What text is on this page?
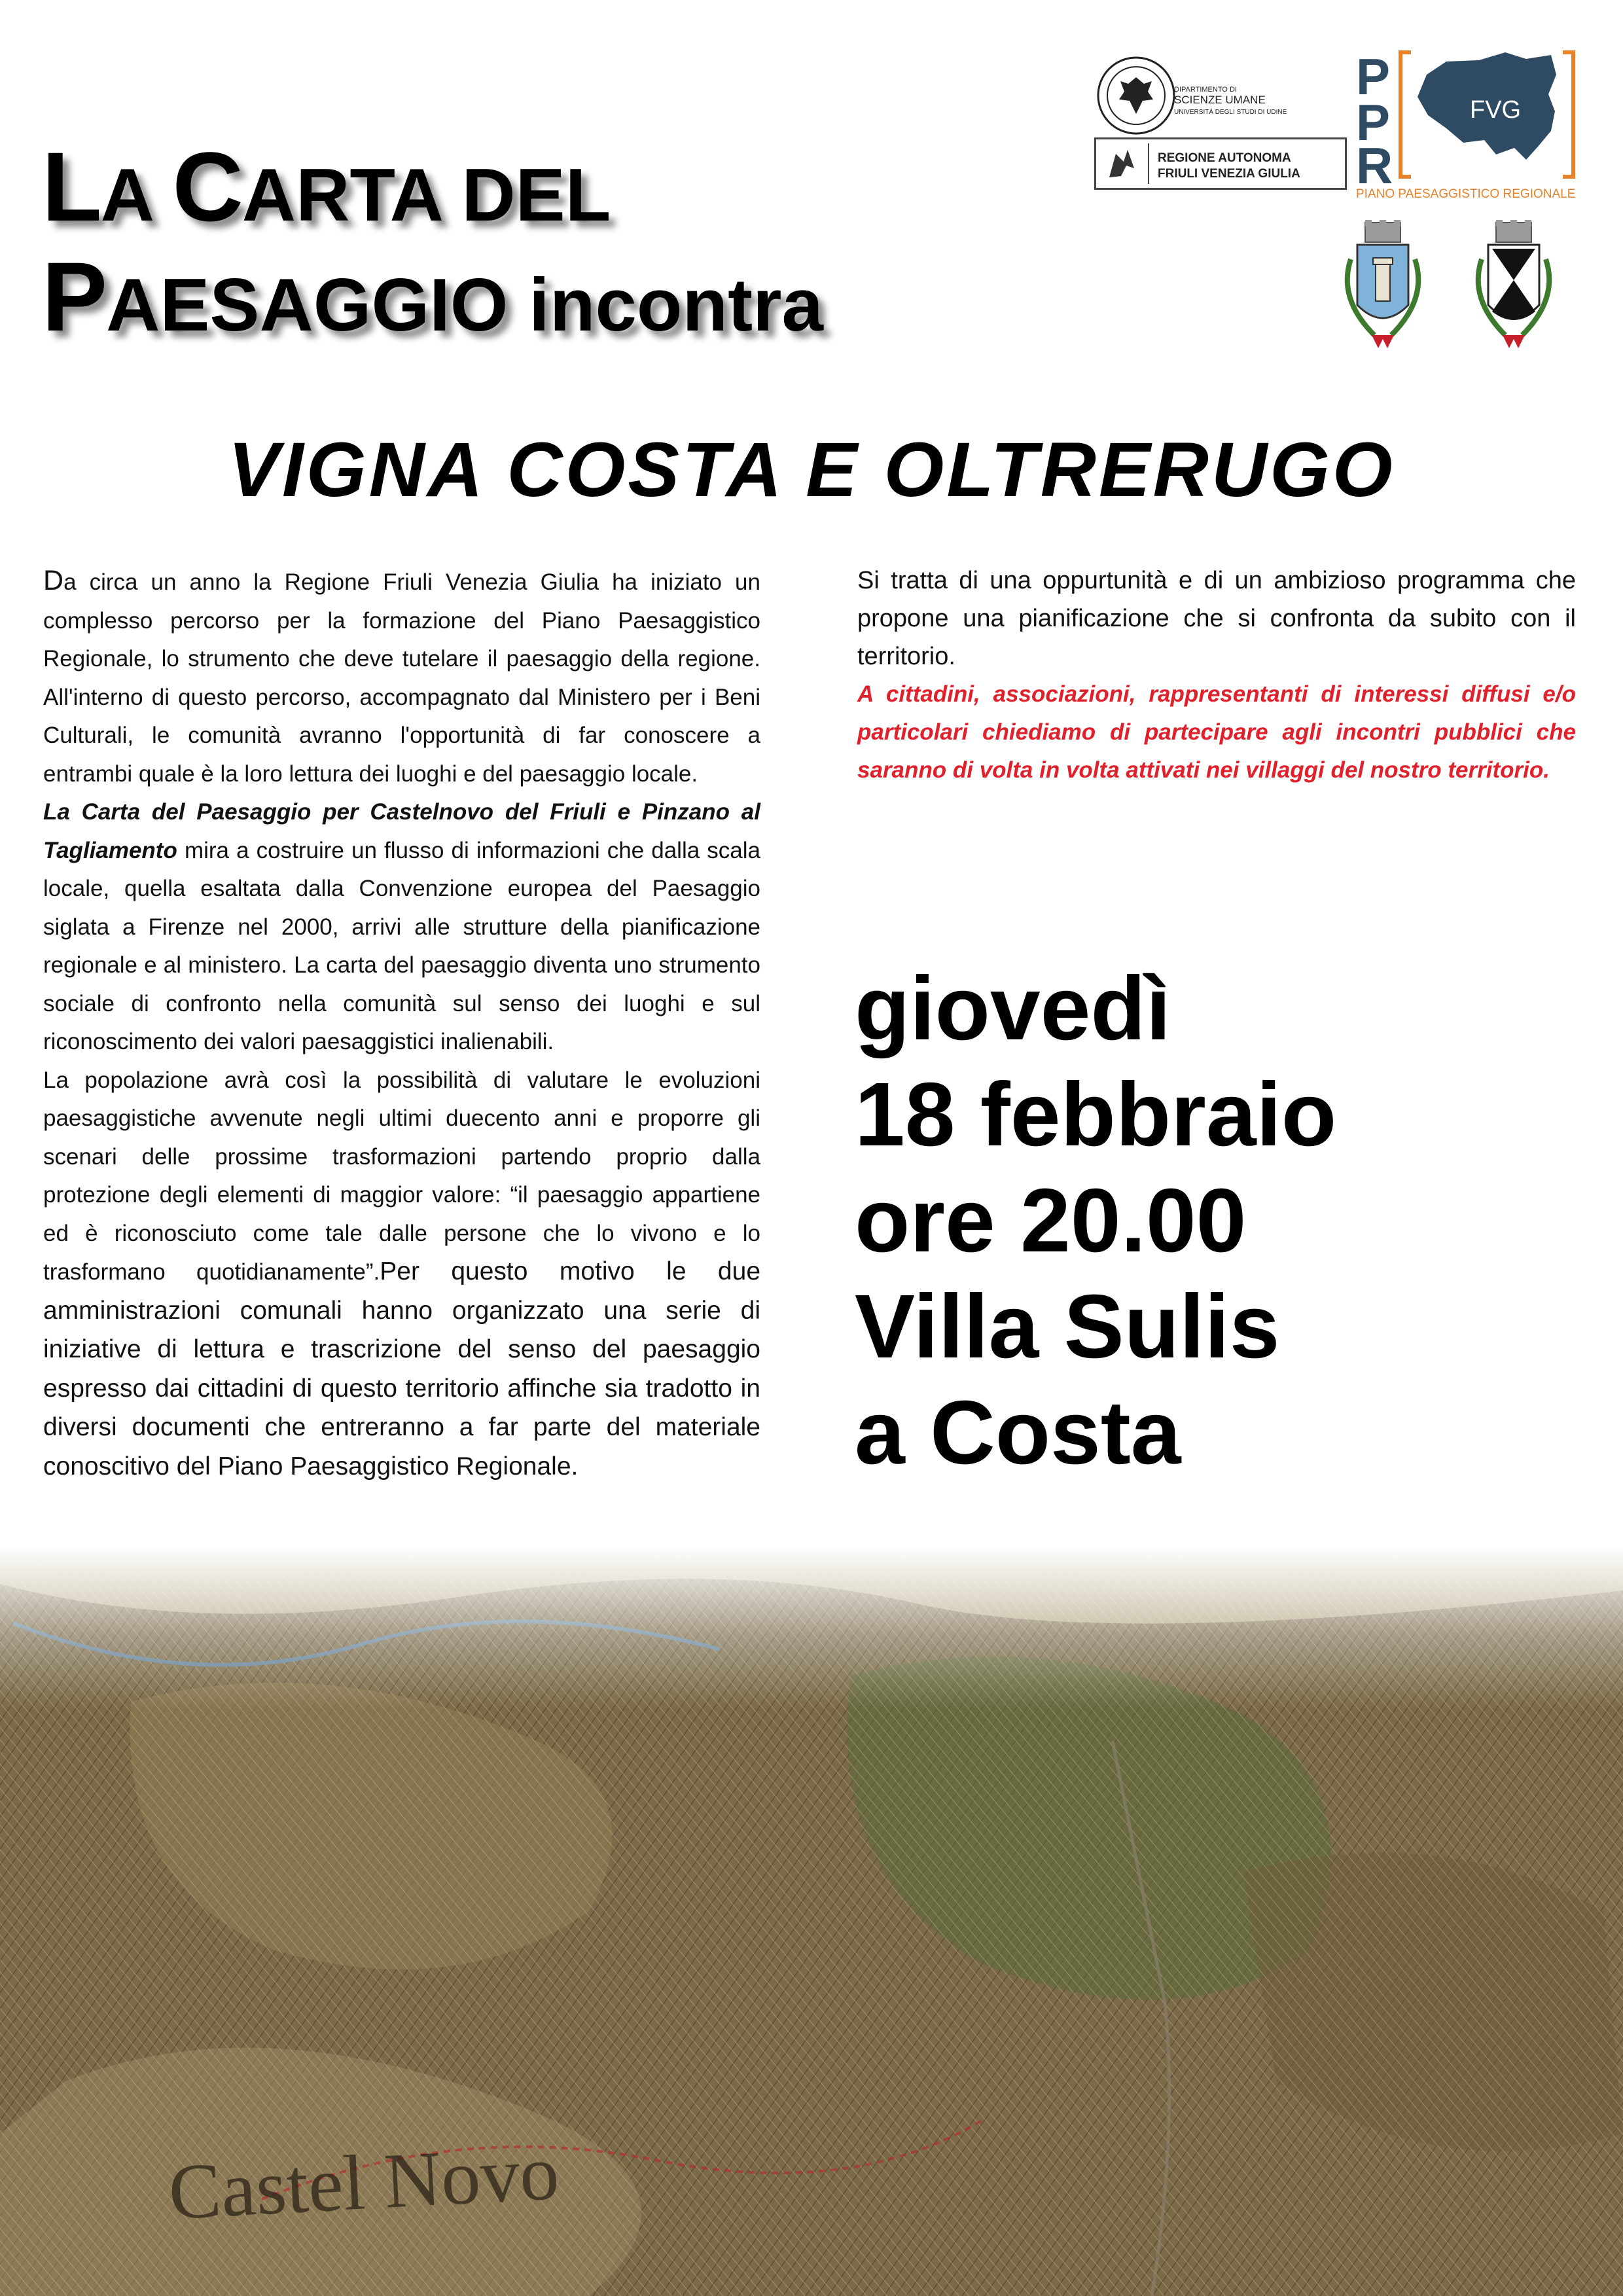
LA CARTA DEL
PAESAGGIO incontra
VIGNA COSTA E OLTRERUGO

Da circa un anno la Regione Friuli Venezia Giulia ha iniziato un complesso percorso per la formazione del Piano Paesaggistico Regionale, lo strumento che deve tutelare il paesaggio della regione. All'interno di questo percorso, accompagnato dal Ministero per i Beni Culturali, le comunità avranno l'opportunità di far conoscere a entrambi quale è la loro lettura dei luoghi e del paesaggio locale.

La Carta del Paesaggio per Castelnovo del Friuli e Pinzano al Tagliamento mira a costruire un flusso di informazioni che dalla scala locale, quella esaltata dalla Convenzione europea del Paesaggio siglata a Firenze nel 2000, arrivi alle strutture della pianificazione regionale e al ministero. La carta del paesaggio diventa uno strumento sociale di confronto nella comunità sul senso dei luoghi e sul riconoscimento dei valori paesaggistici inalienabili.

La popolazione avrà così la possibilità di valutare le evoluzioni paesaggistiche avvenute negli ultimi duecento anni e proporre gli scenari delle prossime trasformazioni partendo proprio dalla protezione degli elementi di maggior valore: “il paesaggio appartiene ed è riconosciuto come tale dalle persone che lo vivono e lo trasformano quotidianamente”.Per questo motivo le due amministrazioni comunali hanno organizzato una serie di iniziative di lettura e trascrizione del senso del paesaggio espresso dai cittadini di questo territorio affinche sia tradotto in diversi documenti che entreranno a far parte del materiale conoscitivo del Piano Paesaggistico Regionale.

Si tratta di una oppurtunità e di un ambizioso programma che propone una pianificazione che si confronta da subito con il territorio.

A cittadini, associazioni, rappresentanti di interessi diffusi e/o particolari chiediamo di partecipare agli incontri pubblici che saranno di volta in volta attivati nei villaggi del nostro territorio.

giovedì
18 febbraio
ore 20.00
Villa Sulis
a Costa
DIPARTIMENTO DI
SCIENZE UMANE
UNIVERSITÀ DEGLI STUDI DI UDINE
REGIONE AUTONOMA
FRIULI VENEZIA GIULIA
P
P
R
FVG
PIANO PAESAGGISTICO REGIONALE
